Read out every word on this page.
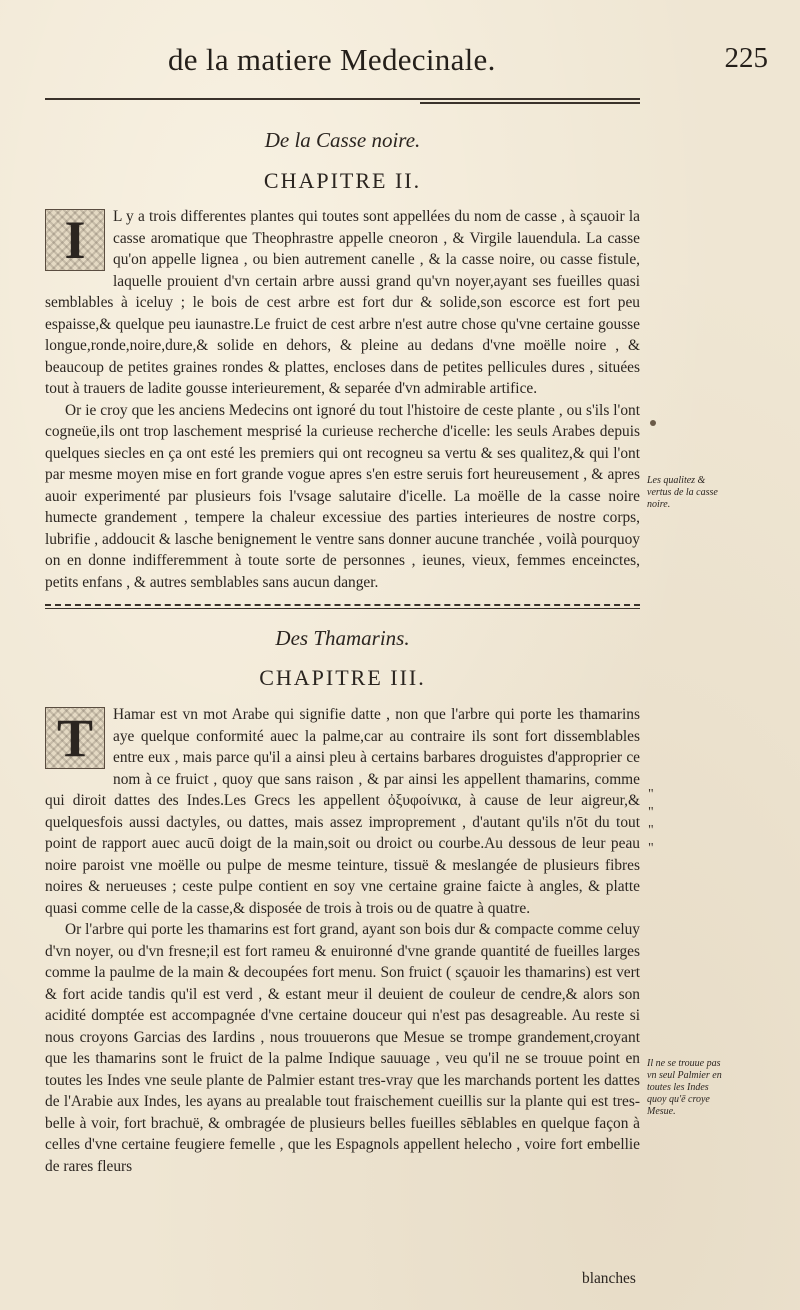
de la matiere Medecinale.	225
De la Casse noire.
CHAPITRE II.
I	L y a trois differentes plantes qui toutes sont appellées du nom de casse , à sçauoir la casse aromatique que Theophrastre appelle cneoron , & Virgile lauendula. La casse qu'on appelle lignea , ou bien autrement canelle , & la casse noire, ou casse fistule, laquelle prouient d'vn certain arbre aussi grand qu'vn noyer,ayant ses fueilles quasi semblables à iceluy ; le bois de cest arbre est fort dur & solide,son escorce est fort peu espaisse,& quelque peu iaunastre.Le fruict de cest arbre n'est autre chose qu'vne certaine gousse longue,ronde,noire,dure,& solide en dehors, & pleine au dedans d'vne moëlle noire , & beaucoup de petites graines rondes & plattes, encloses dans de petites pellicules dures , situées tout à trauers de ladite gousse interieurement, & separée d'vn admirable artifice.

Or ie croy que les anciens Medecins ont ignoré du tout l'histoire de ceste plante , ou s'ils l'ont cogneüe,ils ont trop laschement mesprisé la curieuse recherche d'icelle: les seuls Arabes depuis quelques siecles en ça ont esté les premiers qui ont recogneu sa vertu & ses qualitez,& qui l'ont par mesme moyen mise en fort grande vogue apres s'en estre seruis fort heureusement , & apres auoir experimenté par plusieurs fois l'vsage salutaire d'icelle. La moëlle de la casse noire humecte grandement , tempere la chaleur excessiue des parties interieures de nostre corps, lubrifie , addoucit & lasche benignement le ventre sans donner aucune tranchée , voilà pourquoy on en donne indifferemment à toute sorte de personnes , ieunes, vieux, femmes enceinctes, petits enfans , & autres semblables sans aucun danger.

Les qualitez & vertus de la casse noire.
Des Thamarins.
CHAPITRE III.
T	Hamar est vn mot Arabe qui signifie datte , non que l'arbre qui porte les thamarins aye quelque conformité auec la palme,car au contraire ils sont fort dissemblables entre eux , mais parce qu'il a ainsi pleu à certains barbares droguistes d'approprier ce nom à ce fruict , quoy que sans raison , & par ainsi les appellent thamarins, comme qui diroit dattes des Indes.Les Grecs les appellent ὀξυφοίνικα, à cause de leur aigreur,& quelquesfois aussi dactyles, ou dattes, mais assez improprement , d'autant qu'ils n'ōt du tout point de rapport auec aucū doigt de la main,soit ou droict ou courbe.Au dessous de leur peau noire paroist vne moëlle ou pulpe de mesme teinture, tissuë & meslangée de plusieurs fibres noires & nerueuses ; ceste pulpe contient en soy vne certaine graine faicte à angles, & platte quasi comme celle de la casse,& disposée de trois à trois ou de quatre à quatre.

Or l'arbre qui porte les thamarins est fort grand, ayant son bois dur & compacte comme celuy d'vn noyer, ou d'vn fresne;il est fort rameu & enuironné d'vne grande quantité de fueilles larges comme la paulme de la main & decoupées fort menu. Son fruict ( sçauoir les thamarins) est vert & fort acide tandis qu'il est verd , & estant meur il deuient de couleur de cendre,& alors son acidité domptée est accompagnée d'vne certaine douceur qui n'est pas desagreable. Au reste si nous croyons Garcias des Iardins , nous trouuerons que Mesue se trompe grandement,croyant que les thamarins sont le fruict de la palme Indique sauuage , veu qu'il ne se trouue point en toutes les Indes vne seule plante de Palmier estant tres-vray que les marchands portent les dattes de l'Arabie aux Indes, les ayans au prealable tout fraischement cueillis sur la plante qui est tres-belle à voir, fort brachuë, & ombragée de plusieurs belles fueilles sēblables en quelque façon à celles d'vne certaine feugiere femelle , que les Espagnols appellent helecho , voire fort embellie de rares fleurs

"
"
"
"
Il ne se trouue pas vn seul Palmier en toutes les Indes quoy qu'ē croye Mesue.
blanches
